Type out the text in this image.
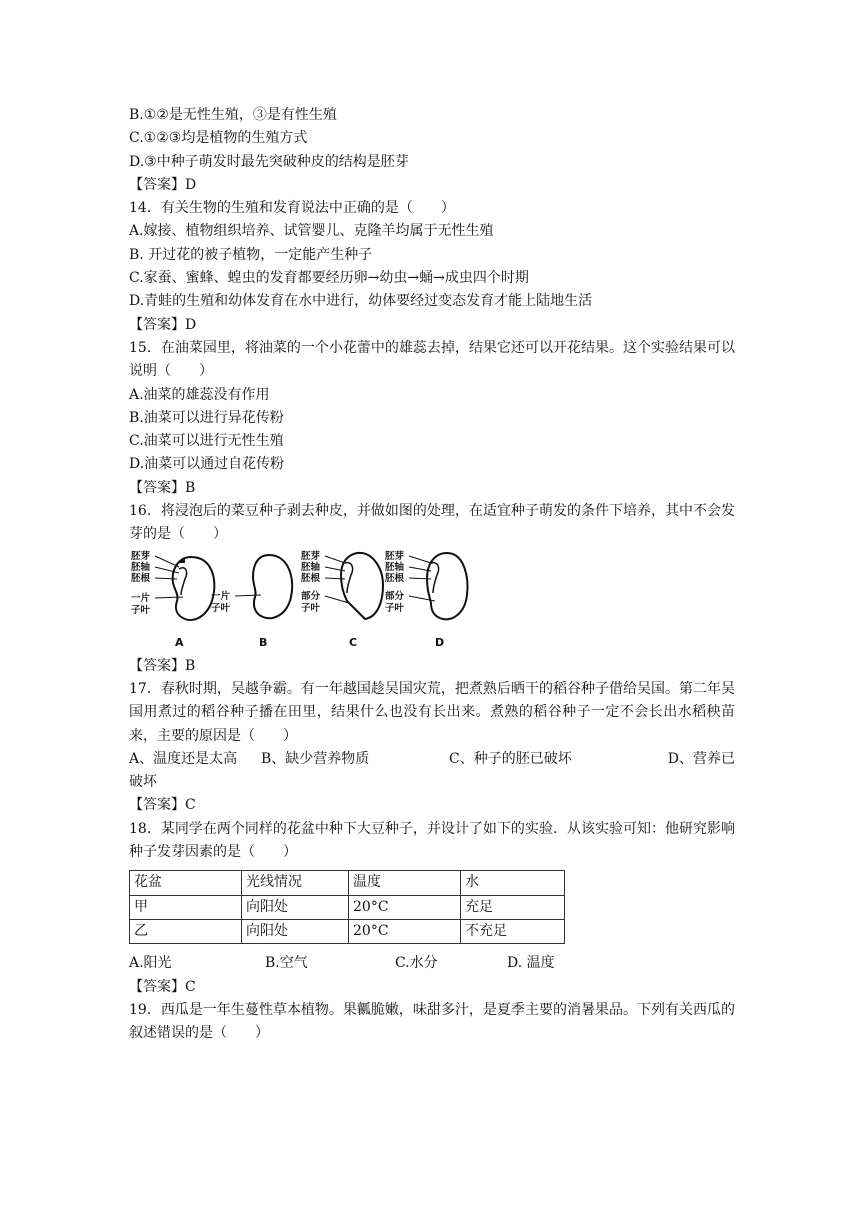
B.①②是无性生殖，③是有性生殖
C.①②③均是植物的生殖方式
D.③中种子萌发时最先突破种皮的结构是胚芽
【答案】D
14．有关生物的生殖和发育说法中正确的是（　　）
A.嫁接、植物组织培养、试管婴儿、克隆羊均属于无性生殖
B. 开过花的被子植物，一定能产生种子
C.家蚕、蜜蜂、蝗虫的发育都要经历卵→幼虫→蛹→成虫四个时期
D.青蛙的生殖和幼体发育在水中进行，幼体要经过变态发育才能上陆地生活
【答案】D
15．在油菜园里，将油菜的一个小花蕾中的雄蕊去掉，结果它还可以开花结果。这个实验结果可以说明（　　）
A.油菜的雄蕊没有作用
B.油菜可以进行异花传粉
C.油菜可以进行无性生殖
D.油菜可以通过自花传粉
【答案】B
16．将浸泡后的菜豆种子剥去种皮，并做如图的处理，在适宜种子萌发的条件下培养，其中不会发芽的是（　　）
胚芽
胚轴
胚根
一片
子叶
A
一片
子叶
B
胚芽
胚轴
胚根
部分
子叶
C
胚芽
胚轴
胚根
部分
子叶
D
【答案】B
17．春秋时期，吴越争霸。有一年越国趁吴国灾荒，把煮熟后晒干的稻谷种子借给吴国。第二年吴国用煮过的稻谷种子播在田里，结果什么也没有长出来。煮熟的稻谷种子一定不会长出水稻秧苗来，主要的原因是（　　）
A、温度还是太高	B、缺少营养物质	C、种子的胚已破坏	D、营养已
破坏
【答案】C
18．某同学在两个同样的花盆中种下大豆种子，并设计了如下的实验．从该实验可知：他研究影响种子发芽因素的是（　　）
花盆	光线情况	温度	水
甲	向阳处	20°C	充足
乙	向阳处	20°C	不充足
A.阳光	B.空气	C.水分	D. 温度
【答案】C
19．西瓜是一年生蔓性草本植物。果瓤脆嫩，味甜多汁，是夏季主要的消暑果品。下列有关西瓜的叙述错误的是（　　）
